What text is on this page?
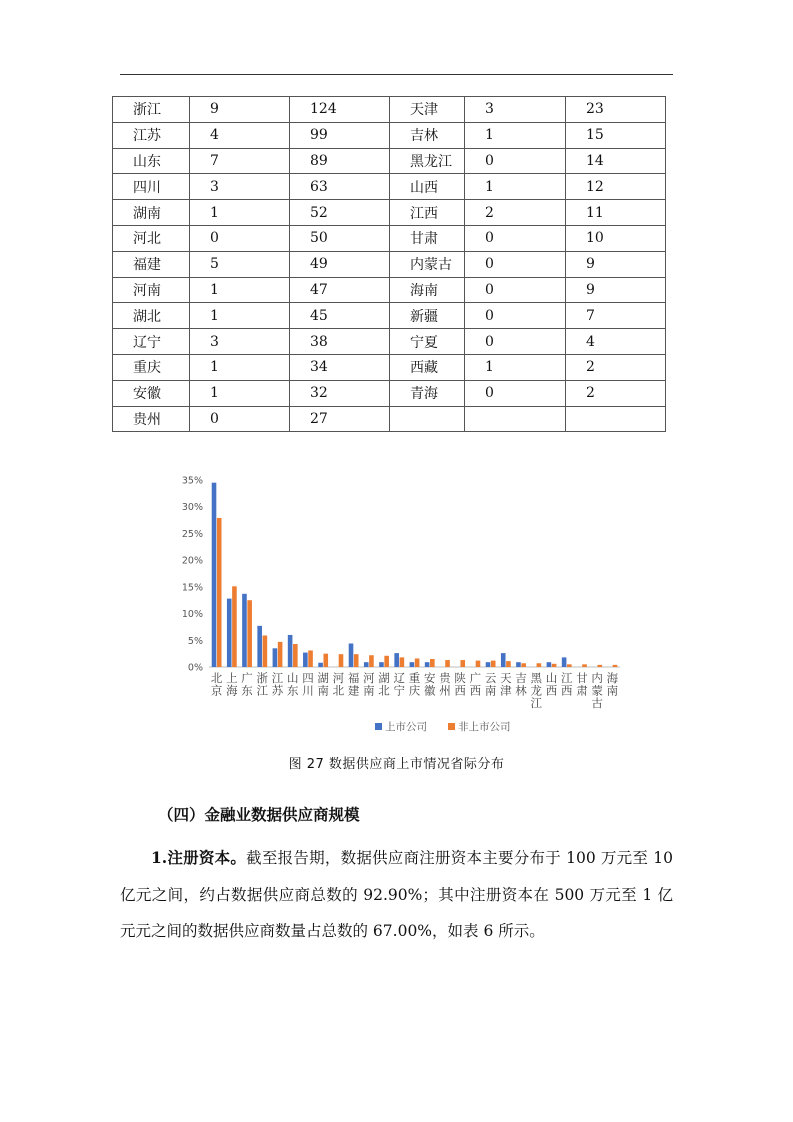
浙江	9	124	天津	3	23
江苏	4	99	吉林	1	15
山东	7	89	黑龙江	0	14
四川	3	63	山西	1	12
湖南	1	52	江西	2	11
河北	0	50	甘肃	0	10
福建	5	49	内蒙古	0	9
河南	1	47	海南	0	9
湖北	1	45	新疆	0	7
辽宁	3	38	宁夏	0	4
重庆	1	34	西藏	1	2
安徽	1	32	青海	0	2
贵州	0	27			
35%
30%
25%
20%
15%
10%
5%
0%
北京
上海
广东
浙江
江苏
山东
四川
湖南
河北
福建
河南
湖北
辽宁
重庆
安徽
贵州
陕西
广西
云南
天津
吉林
黑龙江
山西
江西
甘肃
内蒙古
海南
上市公司	非上市公司
图 27 数据供应商上市情况省际分布
（四）金融业数据供应商规模
1.注册资本。截至报告期，数据供应商注册资本主要分布于 100 万元至 10 亿元之间，约占数据供应商总数的 92.90%；其中注册资本在 500 万元至 1 亿元元之间的数据供应商数量占总数的 67.00%，如表 6 所示。
